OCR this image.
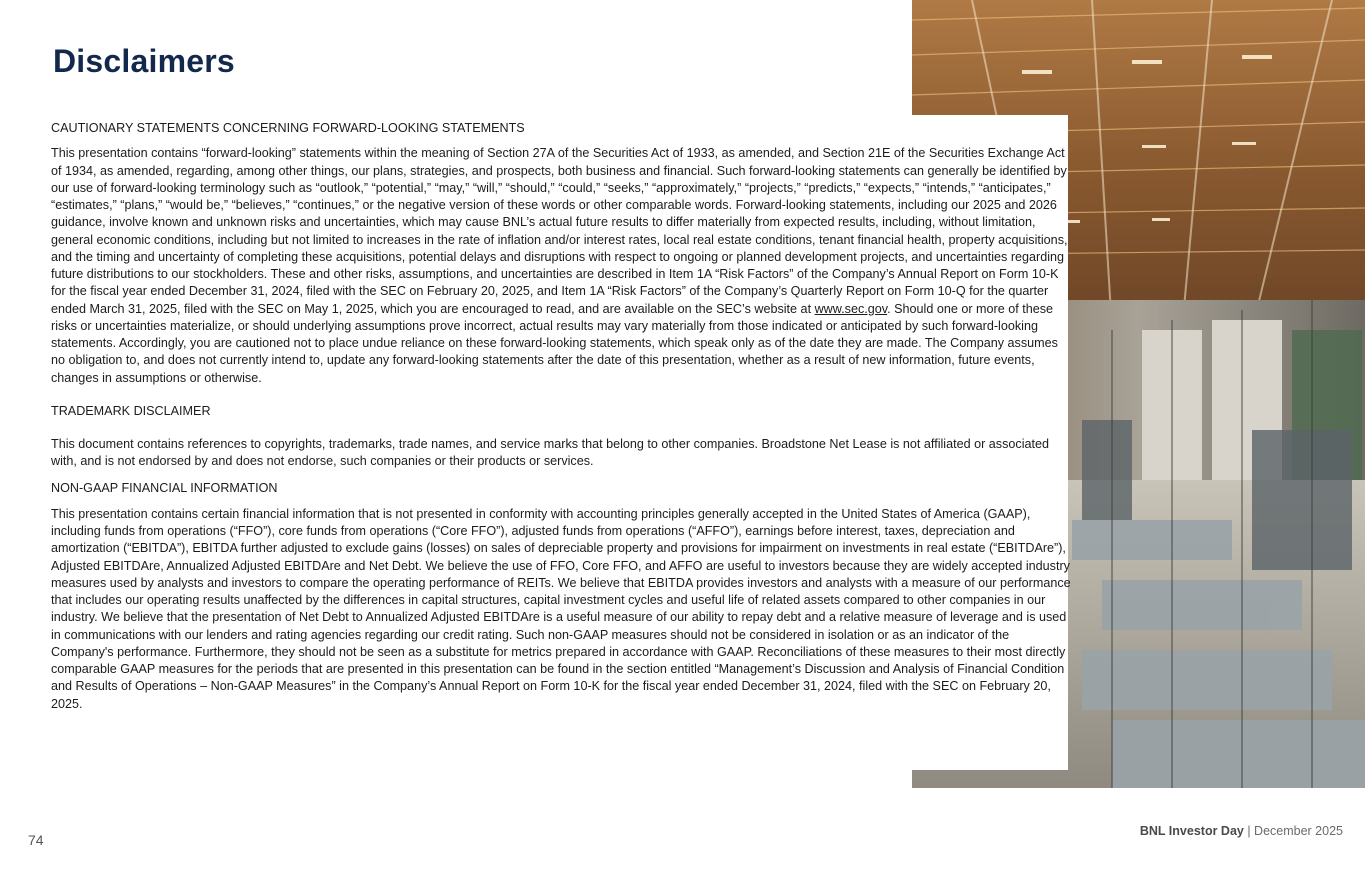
Disclaimers

CAUTIONARY STATEMENTS CONCERNING FORWARD-LOOKING STATEMENTS

This presentation contains “forward-looking” statements within the meaning of Section 27A of the Securities Act of 1933, as amended, and Section 21E of the Securities Exchange Act of 1934, as amended, regarding, among other things, our plans, strategies, and prospects, both business and financial. Such forward-looking statements can generally be identified by our use of forward-looking terminology such as “outlook,” “potential,” “may,” “will,” “should,” “could,” “seeks,” “approximately,” “projects,” “predicts,” “expects,” “intends,” “anticipates,” “estimates,” “plans,” “would be,” “believes,” “continues,” or the negative version of these words or other comparable words. Forward-looking statements, including our 2025 and 2026 guidance, involve known and unknown risks and uncertainties, which may cause BNL’s actual future results to differ materially from expected results, including, without limitation, general economic conditions, including but not limited to increases in the rate of inflation and/or interest rates, local real estate conditions, tenant financial health, property acquisitions, and the timing and uncertainty of completing these acquisitions, potential delays and disruptions with respect to ongoing or planned development projects, and uncertainties regarding future distributions to our stockholders. These and other risks, assumptions, and uncertainties are described in Item 1A “Risk Factors” of the Company’s Annual Report on Form 10-K for the fiscal year ended December 31, 2024, filed with the SEC on February 20, 2025, and Item 1A “Risk Factors” of the Company’s Quarterly Report on Form 10-Q for the quarter ended March 31, 2025, filed with the SEC on May 1, 2025, which you are encouraged to read, and are available on the SEC’s website at www.sec.gov. Should one or more of these risks or uncertainties materialize, or should underlying assumptions prove incorrect, actual results may vary materially from those indicated or anticipated by such forward-looking statements. Accordingly, you are cautioned not to place undue reliance on these forward-looking statements, which speak only as of the date they are made. The Company assumes no obligation to, and does not currently intend to, update any forward-looking statements after the date of this presentation, whether as a result of new information, future events, changes in assumptions or otherwise.

TRADEMARK DISCLAIMER

This document contains references to copyrights, trademarks, trade names, and service marks that belong to other companies. Broadstone Net Lease is not affiliated or associated with, and is not endorsed by and does not endorse, such companies or their products or services.

NON-GAAP FINANCIAL INFORMATION

This presentation contains certain financial information that is not presented in conformity with accounting principles generally accepted in the United States of America (GAAP), including funds from operations (“FFO”), core funds from operations (“Core FFO”), adjusted funds from operations (“AFFO”), earnings before interest, taxes, depreciation and amortization (“EBITDA”), EBITDA further adjusted to exclude gains (losses) on sales of depreciable property and provisions for impairment on investments in real estate (“EBITDAre”), Adjusted EBITDAre, Annualized Adjusted EBITDAre and Net Debt. We believe the use of FFO, Core FFO, and AFFO are useful to investors because they are widely accepted industry measures used by analysts and investors to compare the operating performance of REITs. We believe that EBITDA provides investors and analysts with a measure of our performance that includes our operating results unaffected by the differences in capital structures, capital investment cycles and useful life of related assets compared to other companies in our industry. We believe that the presentation of Net Debt to Annualized Adjusted EBITDAre is a useful measure of our ability to repay debt and a relative measure of leverage and is used in communications with our lenders and rating agencies regarding our credit rating. Such non-GAAP measures should not be considered in isolation or as an indicator of the Company's performance. Furthermore, they should not be seen as a substitute for metrics prepared in accordance with GAAP. Reconciliations of these measures to their most directly comparable GAAP measures for the periods that are presented in this presentation can be found in the section entitled “Management’s Discussion and Analysis of Financial Condition and Results of Operations – Non-GAAP Measures” in the Company’s Annual Report on Form 10-K for the fiscal year ended December 31, 2024, filed with the SEC on February 20, 2025.

74
BNL Investor Day | December 2025
